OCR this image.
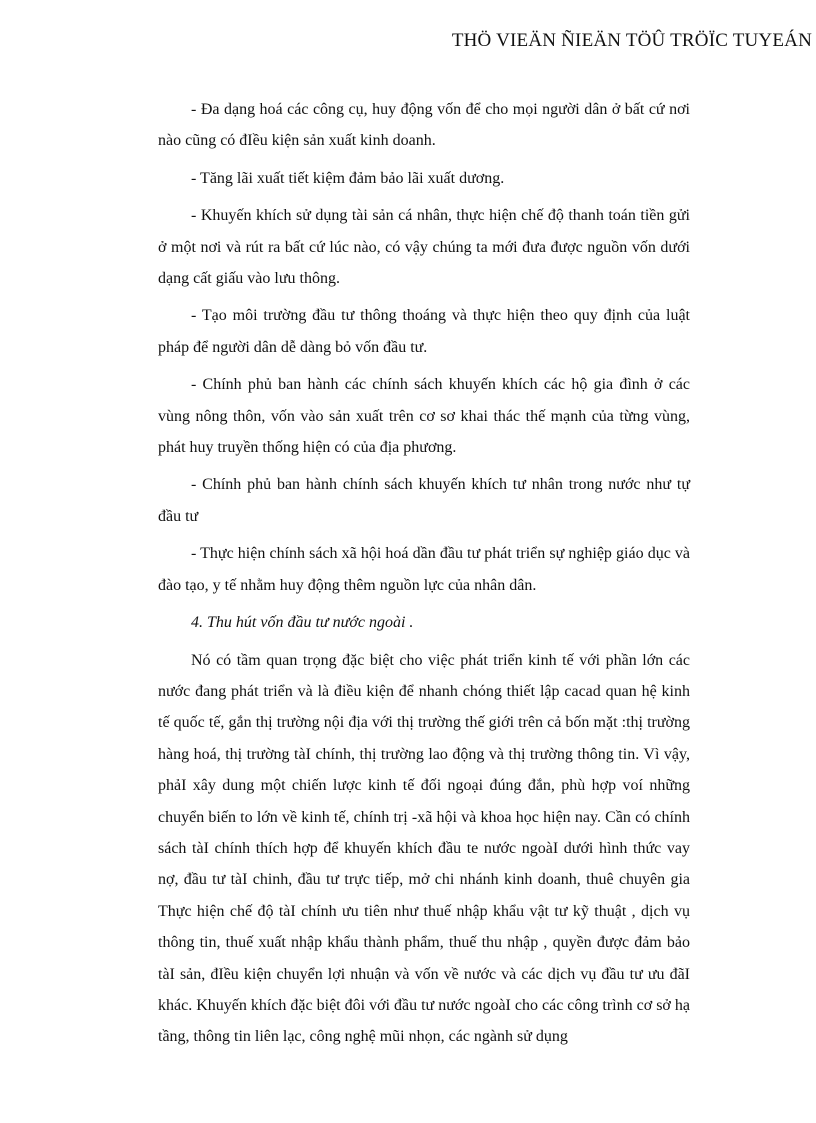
THÖ VIEÄN ÑIEÄN TÖÛ TRÖÏC TUYEÁN

- Đa dạng hoá các công cụ, huy động vốn để cho mọi người dân ở bất cứ nơi nào cũng có đIều kiện sản xuất kinh doanh.

- Tăng lãi xuất tiết kiệm đảm bảo lãi xuất dương.

- Khuyến khích sử dụng tài sản cá nhân, thực hiện chế độ thanh toán tiền gửi ở một nơi và rút ra bất cứ lúc nào, có vậy chúng ta mới đưa được nguồn vốn dưới dạng cất giấu vào lưu thông.

- Tạo môi trường đầu tư thông thoáng và thực hiện theo quy định của luật pháp để người dân dễ dàng bỏ vốn đầu tư.

- Chính phủ ban hành các chính sách khuyến khích các hộ gia đình ở các vùng nông thôn, vốn vào sản xuất trên cơ sơ khai thác thế mạnh của từng vùng, phát huy truyền thống hiện có của địa phương.

- Chính phủ ban hành chính sách khuyến khích tư nhân trong nước như tự đầu tư

- Thực hiện chính sách xã hội hoá dần đầu tư phát triển sự nghiệp giáo dục và đào tạo, y tế nhằm huy động thêm nguồn lực của nhân dân.

4. Thu hút vốn đầu tư nước ngoài .

Nó có tầm quan trọng đặc biệt cho việc phát triển kinh tế với phần lớn các nước đang phát triển và là điều kiện để nhanh chóng thiết lập cacad quan hệ kinh tế quốc tế, gắn thị trường nội địa với thị trường thế giới trên cả bốn mặt :thị trường hàng hoá, thị trường tàI chính, thị trường lao động và thị trường thông tin. Vì vậy, phảI xây dung một chiến lược kinh tế đối ngoại đúng đắn, phù hợp voí những chuyển biến to lớn về kinh tế, chính trị -xã hội và khoa học hiện nay. Cần có chính sách tàI chính thích hợp để khuyến khích đầu te nước ngoàI dưới hình thức vay nợ, đầu tư tàI chinh, đầu tư trực tiếp, mở chi nhánh kinh doanh, thuê chuyên gia Thực hiện chế độ tàI chính ưu tiên như thuế nhập khẩu vật tư kỹ thuật , dịch vụ thông tin, thuế xuất nhập khẩu thành phẩm, thuế thu nhập , quyền được đảm bảo tàI sản, đIều kiện chuyển lợi nhuận và vốn về nước và các dịch vụ đầu tư ưu đãI khác. Khuyến khích đặc biệt đôi với đầu tư nước ngoàI cho các công trình cơ sở hạ tầng, thông tin liên lạc, công nghệ mũi nhọn, các ngành sử dụng
